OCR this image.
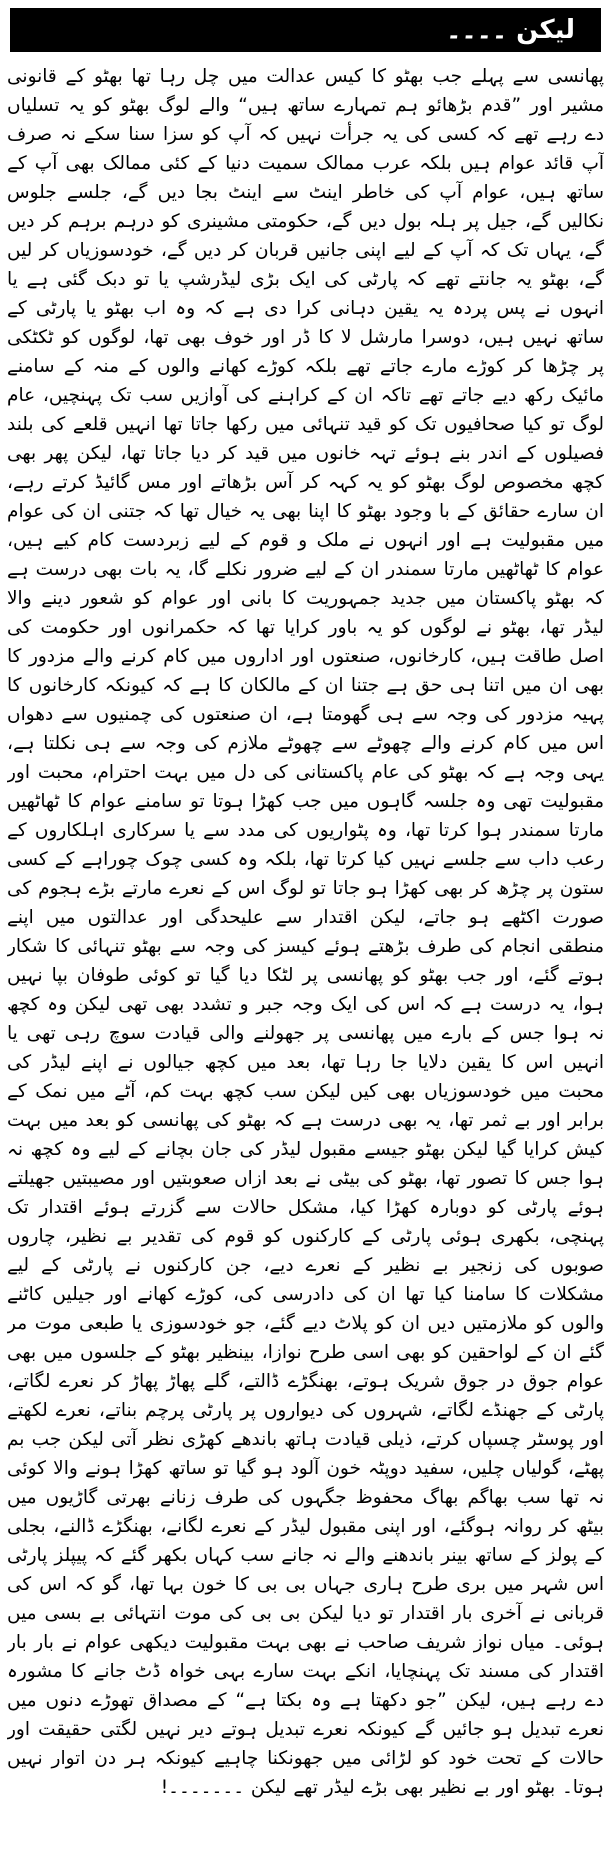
لیکن ۔۔۔۔
پھانسی سے پہلے جب بھٹو کا کیس عدالت میں چل رہا تھا بھٹو کے قانونی مشیر اور ”قدم بڑھائو ہم تمہارے ساتھ ہیں“ والے لوگ بھٹو کو یہ تسلیاں دے رہے تھے کہ کسی کی یہ جرأت نہیں کہ آپ کو سزا سنا سکے نہ صرف آپ قائد عوام ہیں بلکہ عرب ممالک سمیت دنیا کے کئی ممالک بھی آپ کے ساتھ ہیں، عوام آپ کی خاطر اینٹ سے اینٹ بجا دیں گے، جلسے جلوس نکالیں گے، جیل پر ہلہ بول دیں گے، حکومتی مشینری کو درہم برہم کر دیں گے، یہاں تک کہ آپ کے لیے اپنی جانیں قربان کر دیں گے، خودسوزیاں کر لیں گے، بھٹو یہ جانتے تھے کہ پارٹی کی ایک بڑی لیڈرشپ یا تو دبک گئی ہے یا انہوں نے پس پردہ یہ یقین دہانی کرا دی ہے کہ وہ اب بھٹو یا پارٹی کے ساتھ نہیں ہیں، دوسرا مارشل لا کا ڈر اور خوف بھی تھا، لوگوں کو ٹکٹکی پر چڑھا کر کوڑے مارے جاتے تھے بلکہ کوڑے کھانے والوں کے منہ کے سامنے مائیک رکھ دیے جاتے تھے تاکہ ان کے کراہنے کی آوازیں سب تک پہنچیں، عام لوگ تو کیا صحافیوں تک کو قید تنہائی میں رکھا جاتا تھا انہیں قلعے کی بلند فصیلوں کے اندر بنے ہوئے تہہ خانوں میں قید کر دیا جاتا تھا، لیکن پھر بھی کچھ مخصوص لوگ بھٹو کو یہ کہہ کر آس بڑھاتے اور مس گائیڈ کرتے رہے، ان سارے حقائق کے با وجود بھٹو کا اپنا بھی یہ خیال تھا کہ جتنی ان کی عوام میں مقبولیت ہے اور انہوں نے ملک و قوم کے لیے زبردست کام کیے ہیں، عوام کا ٹھاٹھیں مارتا سمندر ان کے لیے ضرور نکلے گا، یہ بات بھی درست ہے کہ بھٹو پاکستان میں جدید جمہوریت کا بانی اور عوام کو شعور دینے والا لیڈر تھا، بھٹو نے لوگوں کو یہ باور کرایا تھا کہ حکمرانوں اور حکومت کی اصل طاقت ہیں، کارخانوں، صنعتوں اور اداروں میں کام کرنے والے مزدور کا بھی ان میں اتنا ہی حق ہے جتنا ان کے مالکان کا ہے کہ کیونکہ کارخانوں کا پہیہ مزدور کی وجہ سے ہی گھومتا ہے، ان صنعتوں کی چمنیوں سے دھواں اس میں کام کرنے والے چھوٹے سے چھوٹے ملازم کی وجہ سے ہی نکلتا ہے، یہی وجہ ہے کہ بھٹو کی عام پاکستانی کی دل میں بہت احترام، محبت اور مقبولیت تھی وہ جلسہ گاہوں میں جب کھڑا ہوتا تو سامنے عوام کا ٹھاٹھیں مارتا سمندر ہوا کرتا تھا، وہ پٹواریوں کی مدد سے یا سرکاری اہلکاروں کے رعب داب سے جلسے نہیں کیا کرتا تھا، بلکہ وہ کسی چوک چوراہے کے کسی ستون پر چڑھ کر بھی کھڑا ہو جاتا تو لوگ اس کے نعرے مارتے بڑے ہجوم کی صورت اکٹھے ہو جاتے، لیکن اقتدار سے علیحدگی اور عدالتوں میں اپنے منطقی انجام کی طرف بڑھتے ہوئے کیسز کی وجہ سے بھٹو تنہائی کا شکار ہوتے گئے، اور جب بھٹو کو پھانسی پر لٹکا دیا گیا تو کوئی طوفان بپا نہیں ہوا، یہ درست ہے کہ اس کی ایک وجہ جبر و تشدد بھی تھی لیکن وہ کچھ نہ ہوا جس کے بارے میں پھانسی پر جھولنے والی قیادت سوچ رہی تھی یا انہیں اس کا یقین دلایا جا رہا تھا، بعد میں کچھ جیالوں نے اپنے لیڈر کی محبت میں خودسوزیاں بھی کیں لیکن سب کچھ بہت کم، آٹے میں نمک کے برابر اور بے ثمر تھا، یہ بھی درست ہے کہ بھٹو کی پھانسی کو بعد میں بہت کیش کرایا گیا لیکن بھٹو جیسے مقبول لیڈر کی جان بچانے کے لیے وہ کچھ نہ ہوا جس کا تصور تھا، بھٹو کی بیٹی نے بعد ازاں صعوبتیں اور مصیبتیں جھیلتے ہوئے پارٹی کو دوبارہ کھڑا کیا، مشکل حالات سے گزرتے ہوئے اقتدار تک پہنچی، بکھری ہوئی پارٹی کے کارکنوں کو قوم کی تقدیر بے نظیر، چاروں صوبوں کی زنجیر بے نظیر کے نعرے دیے، جن کارکنوں نے پارٹی کے لیے مشکلات کا سامنا کیا تھا ان کی دادرسی کی، کوڑے کھانے اور جیلیں کاٹنے والوں کو ملازمتیں دیں ان کو پلاٹ دیے گئے، جو خودسوزی یا طبعی موت مر گئے ان کے لواحقین کو بھی اسی طرح نوازا، بینظیر بھٹو کے جلسوں میں بھی عوام جوق در جوق شریک ہوتے، بھنگڑے ڈالتے، گلے پھاڑ پھاڑ کر نعرے لگاتے، پارٹی کے جھنڈے لگاتے، شہروں کی دیواروں پر پارٹی پرچم بناتے، نعرے لکھتے اور پوسٹر چسپاں کرتے، ذیلی قیادت ہاتھ باندھے کھڑی نظر آتی لیکن جب بم پھٹے، گولیاں چلیں، سفید دوپٹہ خون آلود ہو گیا تو ساتھ کھڑا ہونے والا کوئی نہ تھا سب بھاگم بھاگ محفوظ جگہوں کی طرف زنانے بھرتی گاڑیوں میں بیٹھ کر روانہ ہوگئے، اور اپنی مقبول لیڈر کے نعرے لگانے، بھنگڑے ڈالنے، بجلی کے پولز کے ساتھ بینر باندھنے والے نہ جانے سب کہاں بکھر گئے کہ پیپلز پارٹی اس شہر میں بری طرح ہاری جہاں بی بی کا خون بہا تھا، گو کہ اس کی قربانی نے آخری بار اقتدار تو دیا لیکن بی بی کی موت انتہائی بے بسی میں ہوئی۔ میاں نواز شریف صاحب نے بھی بہت مقبولیت دیکھی عوام نے بار بار اقتدار کی مسند تک پہنچایا، انکے بہت سارے بہی خواہ ڈٹ جانے کا مشورہ دے رہے ہیں، لیکن ”جو دکھتا ہے وہ بکتا ہے“ کے مصداق تھوڑے دنوں میں نعرے تبدیل ہو جائیں گے کیونکہ نعرے تبدیل ہوتے دیر نہیں لگتی حقیقت اور حالات کے تحت خود کو لڑائی میں جھونکنا چاہیے کیونکہ ہر دن اتوار نہیں ہوتا۔ بھٹو اور بے نظیر بھی بڑے لیڈر تھے لیکن ۔۔۔۔۔۔۔!
